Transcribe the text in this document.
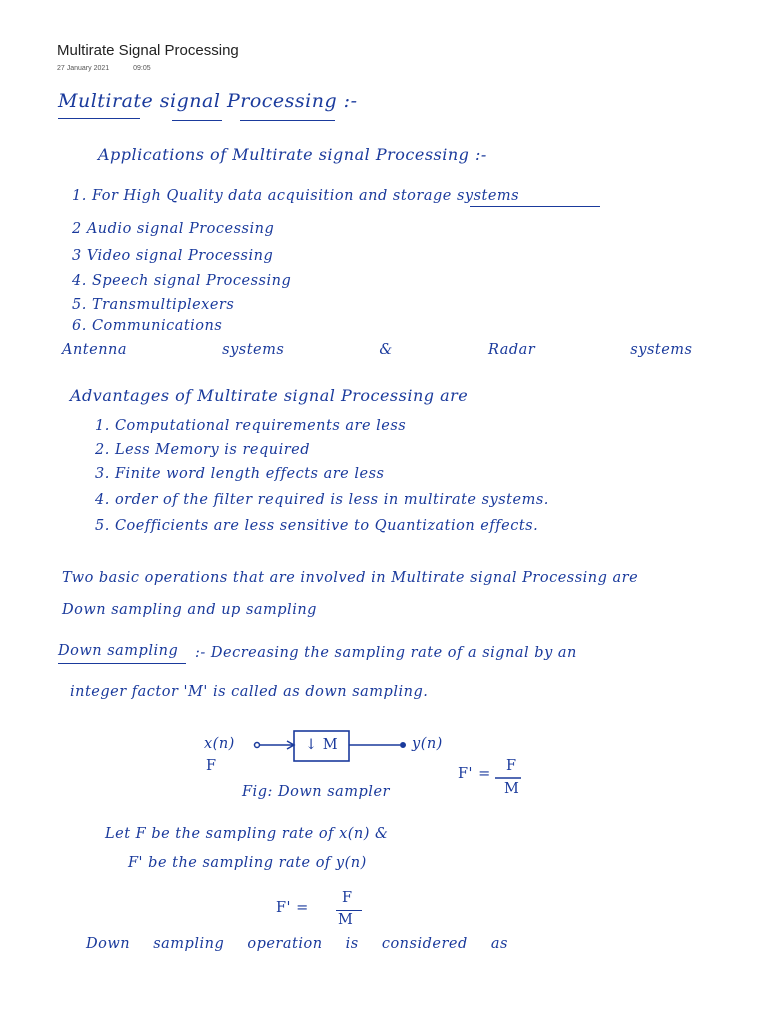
Multirate Signal Processing
27 January 2021	09:05
Multirate signal Processing :-
Applications of Multirate signal Processing :-
1. For High Quality data acquisition and storage systems
2 Audio signal Processing
3 Video signal Processing
4. Speech signal Processing
5. Transmultiplexers
6. Communications
Antenna systems & Radar systems
Advantages of Multirate signal Processing are
1. Computational requirements are less
2. Less Memory is required
3. Finite word length effects are less
4. order of the filter required is less in multirate systems.
5. Coefficients are less sensitive to Quantization effects.
Two basic operations that are involved in Multirate signal Processing are
Down sampling and up sampling
Down sampling :- Decreasing the sampling rate of a signal by an
integer factor 'M' is called as down sampling.
x(n)
F
↓ M	y(n)
F' = F
M
Fig: Down sampler
Let F be the sampling rate of x(n) &
F' be the sampling rate of y(n)
F' =
F
M
Down sampling operation is considered as
